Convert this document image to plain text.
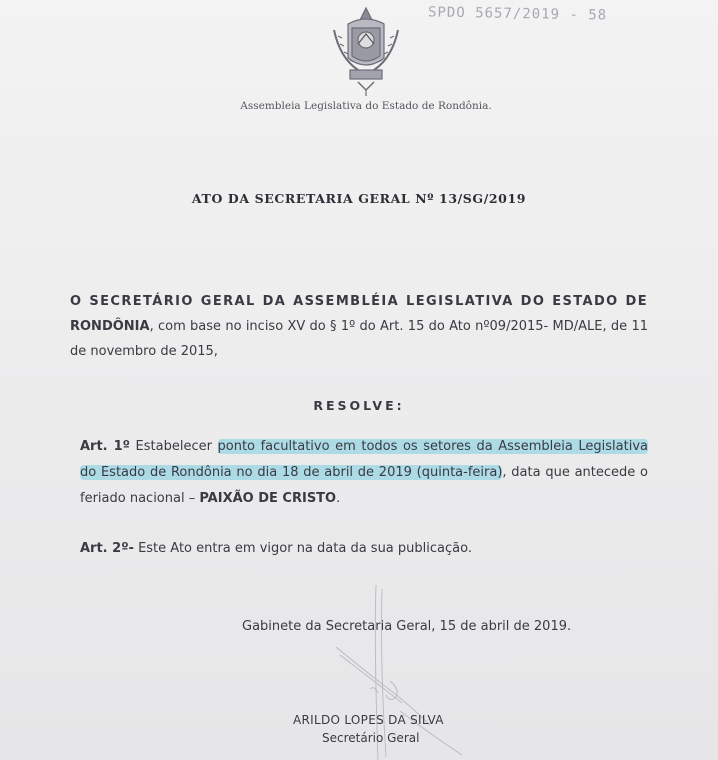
SPDO 5657/2019 - 58
Assembleia Legislativa do Estado de Rondônia.
ATO DA SECRETARIA GERAL Nº 13/SG/2019

O SECRETÁRIO GERAL DA ASSEMBLÉIA LEGISLATIVA DO ESTADO DE RONDÔNIA, com base no inciso XV do § 1º do Art. 15 do Ato nº09/2015- MD/ALE, de 11 de novembro de 2015,

RESOLVE:

Art. 1º Estabelecer ponto facultativo em todos os setores da Assembleia Legislativa do Estado de Rondônia no dia 18 de abril de 2019 (quinta-feira), data que antecede o feriado nacional – PAIXÃO DE CRISTO.

Art. 2º- Este Ato entra em vigor na data da sua publicação.

Gabinete da Secretaria Geral, 15 de abril de 2019.
ARILDO LOPES DA SILVA
Secretário Geral
